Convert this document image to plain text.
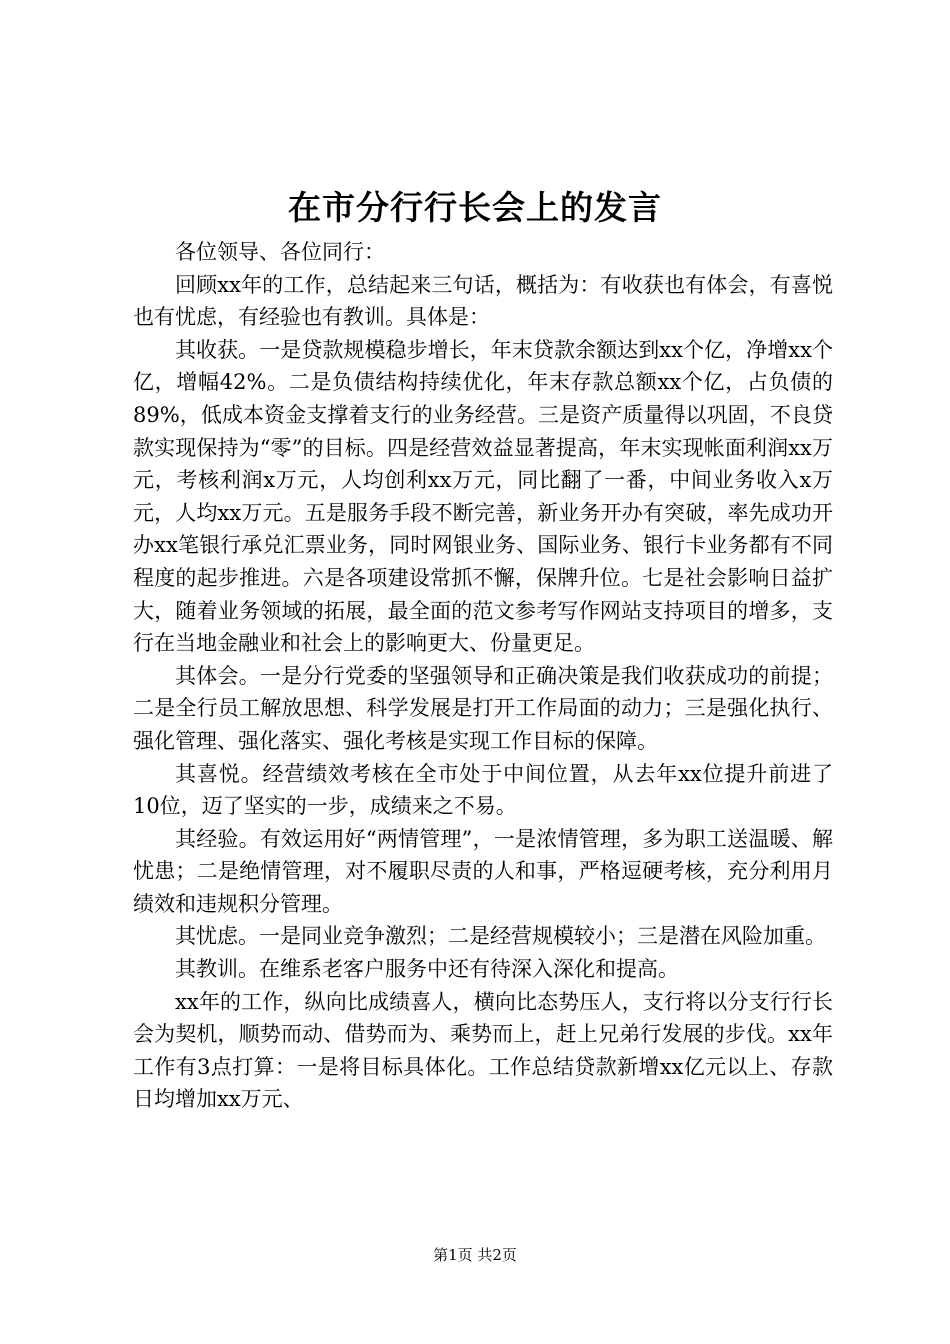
在市分行行长会上的发言

各位领导、各位同行：

回顾xx年的工作，总结起来三句话，概括为：有收获也有体会，有喜悦也有忧虑，有经验也有教训。具体是：

其收获。一是贷款规模稳步增长，年末贷款余额达到xx个亿，净增xx个亿，增幅42%。二是负债结构持续优化，年末存款总额xx个亿，占负债的89%，低成本资金支撑着支行的业务经营。三是资产质量得以巩固，不良贷款实现保持为“零”的目标。四是经营效益显著提高，年末实现帐面利润xx万元，考核利润x万元，人均创利xx万元，同比翻了一番，中间业务收入x万元，人均xx万元。五是服务手段不断完善，新业务开办有突破，率先成功开办xx笔银行承兑汇票业务，同时网银业务、国际业务、银行卡业务都有不同程度的起步推进。六是各项建设常抓不懈，保牌升位。七是社会影响日益扩大，随着业务领域的拓展，最全面的范文参考写作网站支持项目的增多，支行在当地金融业和社会上的影响更大、份量更足。

其体会。一是分行党委的坚强领导和正确决策是我们收获成功的前提；二是全行员工解放思想、科学发展是打开工作局面的动力；三是强化执行、强化管理、强化落实、强化考核是实现工作目标的保障。

其喜悦。经营绩效考核在全市处于中间位置，从去年xx位提升前进了10位，迈了坚实的一步，成绩来之不易。

其经验。有效运用好“两情管理”，一是浓情管理，多为职工送温暖、解忧患；二是绝情管理，对不履职尽责的人和事，严格逗硬考核，充分利用月绩效和违规积分管理。

其忧虑。一是同业竞争激烈；二是经营规模较小；三是潜在风险加重。

其教训。在维系老客户服务中还有待深入深化和提高。

xx年的工作，纵向比成绩喜人，横向比态势压人，支行将以分支行行长会为契机，顺势而动、借势而为、乘势而上，赶上兄弟行发展的步伐。xx年工作有3点打算：一是将目标具体化。工作总结贷款新增xx亿元以上、存款日均增加xx万元、

第1页 共2页
